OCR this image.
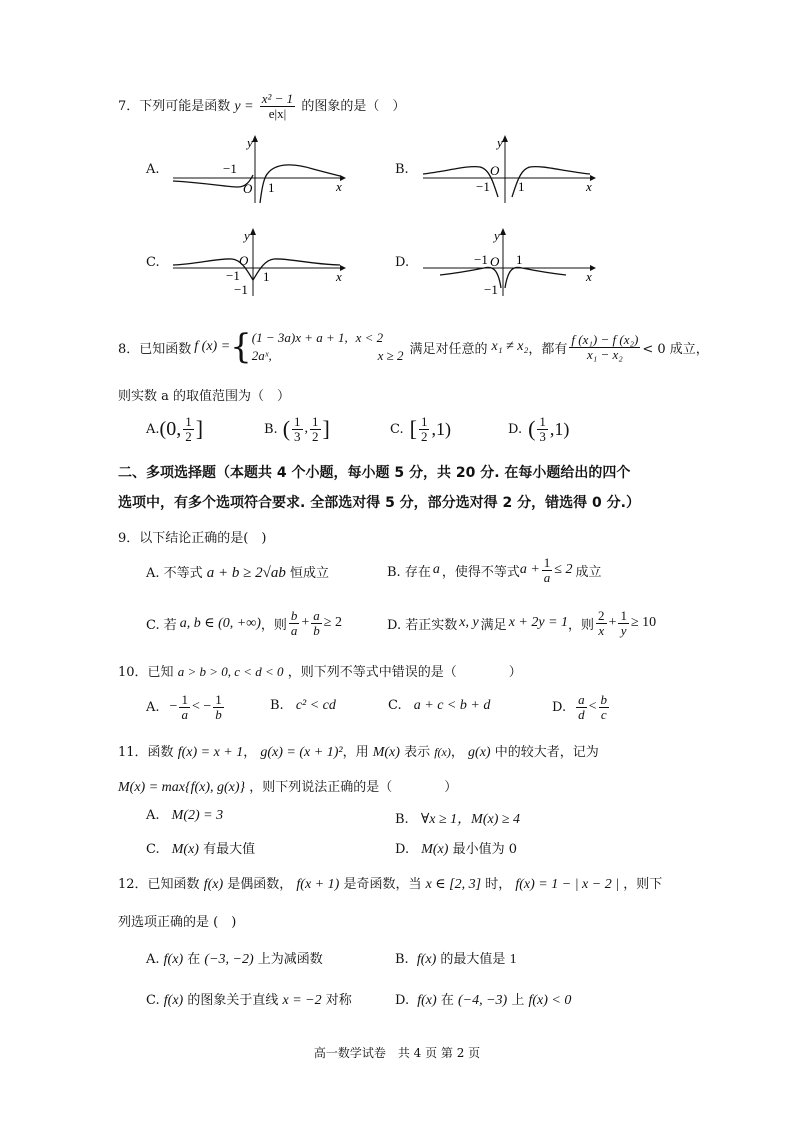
7．下列可能是函数 $y = \frac{\text{x² − 1}}{e|x|}$ 的图象的是（　）
A.
y
x
O
−1
1
B.
y
x
O
−1 1
C.
y
x
O
−1 1
−1
D.
y
x
O
−1 1
−1
8．已知函数 f (x) = { (1 − 3a)x + a + 1, x < 2
2aˣ,	x ≥ 2 满足对任意的 x₁ ≠ x₂ ，都有 $\frac{\text{f (x₁) − f (x₂)}}{\text{x₁ − x₂}} < 0$ 成立，
则实数 a 的取值范围为（　）
A. (0, $\frac{1}{2}$ ]	B. ( $\frac{1}{3}$ , $\frac{1}{2}$ ]	C. [ $\frac{1}{2} ,1$)	D. ( $\frac{1}{3} ,1$)
二、多项选择题（本题共 4 个小题，每小题 5 分，共 20 分. 在每小题给出的四个
选项中，有多个选项符合要求. 全部选对得 5 分，部分选对得 2 分，错选得 0 分.）
9．以下结论正确的是(　)
A. 不等式 a + b ≥ 2√ab 恒成立	B. 存在 a ，使得不等式 $a + \frac{1}{a} \le 2$ 成立
C. 若 a, b ∈ (0, +∞) ，则 $\frac{b}{a} + \frac{a}{b} \ge 2$	D. 若正实数 x, y 满足 x + 2y = 1 ，则 $\frac{2}{x} + \frac{1}{y} \ge 10$
10．已知 a > b > 0, c < d < 0 ，则下列不等式中错误的是（　　　　）
A. − $\frac{1}{a}$ < − $\frac{1}{b}$	B. c² < cd	C. a + c < b + d	D. $\frac{a}{d} < \frac{b}{c}$
11．函数 f(x) = x + 1， g(x) = (x + 1)²，用 M(x) 表示 f(x)， g(x) 中的较大者，记为
M(x) = max{f(x), g(x)} ，则下列说法正确的是（　　　　）
A. M(2) = 3	B. ∀x ≥ 1，M(x) ≥ 4
C. M(x) 有最大值	D. M(x) 最小值为 0
12．已知函数 f(x) 是偶函数， f(x + 1) 是奇函数，当 x ∈ [2, 3] 时， f(x) = 1 − | x − 2 | ，则下
列选项正确的是 (　)
A. f(x) 在 (−3, −2) 上为减函数	B. f(x) 的最大值是 1
C. f(x) 的图象关于直线 x = −2 对称	D. f(x) 在 (−4, −3) 上 f(x) < 0
高一数学试卷　共 4 页 第 2 页
